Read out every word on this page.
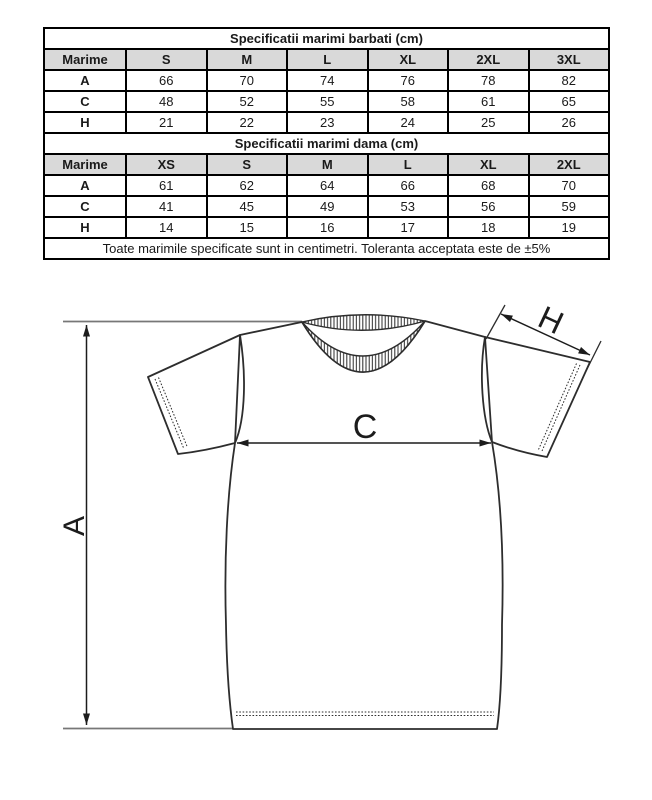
Specificatii marimi barbati (cm)						
Marime	S	M	L	XL	2XL	3XL
A	66	70	74	76	78	82
C	48	52	55	58	61	65
H	21	22	23	24	25	26
Specificatii marimi dama (cm)						
Marime	XS	S	M	L	XL	2XL
A	61	62	64	66	68	70
C	41	45	49	53	56	59
H	14	15	16	17	18	19
Toate marimile specificate sunt in centimetri. Toleranta acceptata este de ±5%						
A
C
H
